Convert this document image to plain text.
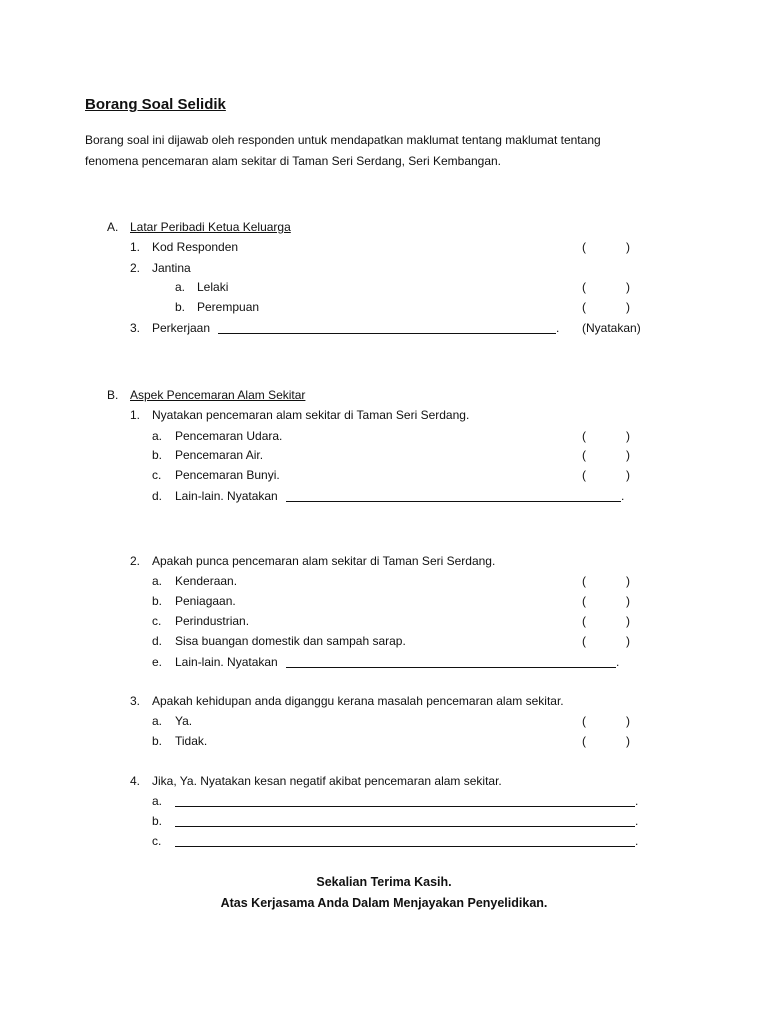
Borang Soal Selidik
Borang soal ini dijawab oleh responden untuk mendapatkan maklumat tentang maklumat tentang
fenomena pencemaran alam sekitar di Taman Seri Serdang, Seri Kembangan.
A. Latar Peribadi Ketua Keluarga
1. Kod Responden	(	)
2. Jantina
a. Lelaki	(	)
b. Perempuan	(	)
3. Perkerjaan	. (Nyatakan)
B. Aspek Pencemaran Alam Sekitar
1. Nyatakan pencemaran alam sekitar di Taman Seri Serdang.
a. Pencemaran Udara.	(	)
b. Pencemaran Air.	(	)
c. Pencemaran Bunyi.	(	)
d. Lain-lain. Nyatakan	.
2. Apakah punca pencemaran alam sekitar di Taman Seri Serdang.
a. Kenderaan.	(	)
b. Peniagaan.	(	)
c. Perindustrian.	(	)
d. Sisa buangan domestik dan sampah sarap.	(	)
e. Lain-lain. Nyatakan	.
3. Apakah kehidupan anda diganggu kerana masalah pencemaran alam sekitar.
a. Ya.	(	)
b. Tidak.	(	)
4. Jika, Ya. Nyatakan kesan negatif akibat pencemaran alam sekitar.
a.	.
b.	.
c.	.
Sekalian Terima Kasih.
Atas Kerjasama Anda Dalam Menjayakan Penyelidikan.
